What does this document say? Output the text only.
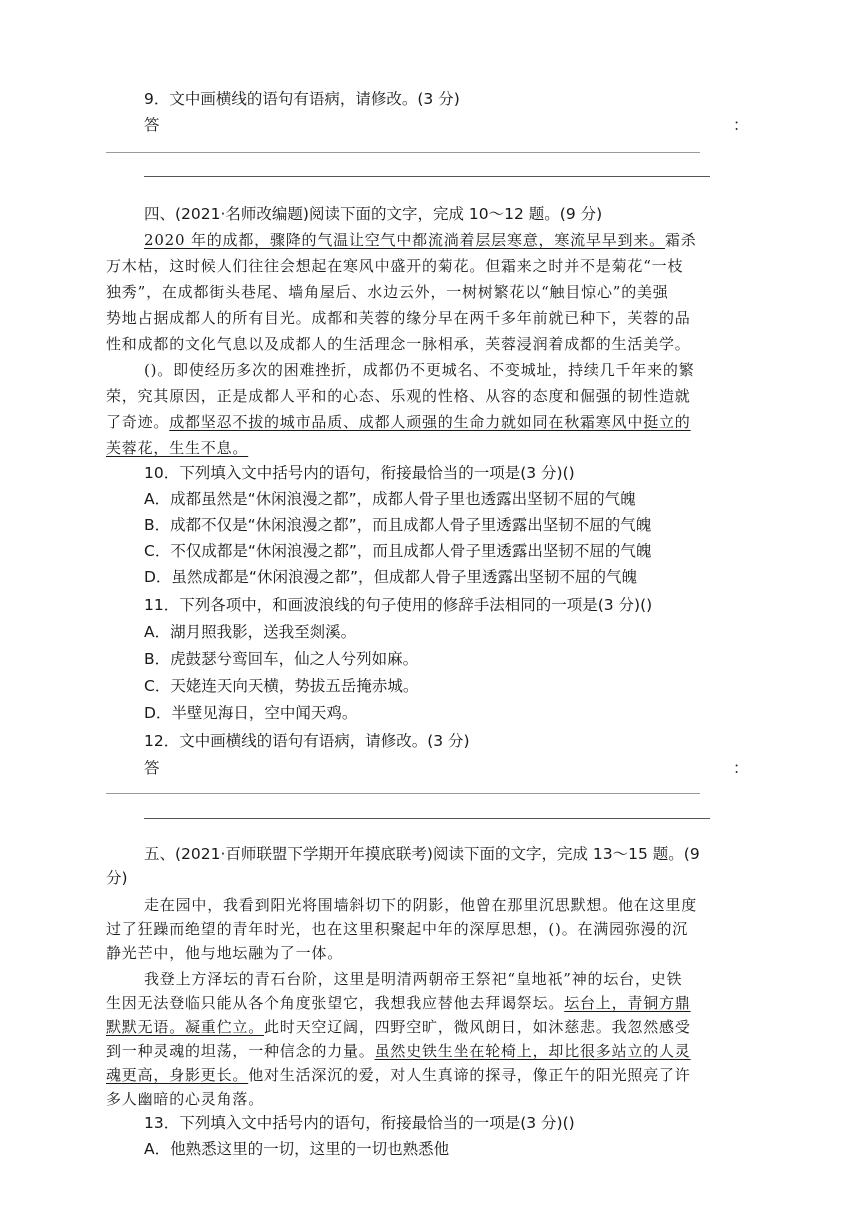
9．文中画横线的语句有语病，请修改。(3 分)
答	：
四、(2021·名师改编题)阅读下面的文字，完成 10～12 题。(9 分)
2020 年的成都，骤降的气温让空气中都流淌着层层寒意，寒流早早到来。霜杀
万木枯，这时候人们往往会想起在寒风中盛开的菊花。但霜来之时并不是菊花“一枝
独秀”，在成都街头巷尾、墙角屋后、水边云外，一树树繁花以“触目惊心”的美强
势地占据成都人的所有目光。成都和芙蓉的缘分早在两千多年前就已种下，芙蓉的品
性和成都的文化气息以及成都人的生活理念一脉相承，芙蓉浸润着成都的生活美学。
()。即使经历多次的困难挫折，成都仍不更城名、不变城址，持续几千年来的繁
荣，究其原因，正是成都人平和的心态、乐观的性格、从容的态度和倔强的韧性造就
了奇迹。成都坚忍不拔的城市品质、成都人顽强的生命力就如同在秋霜寒风中挺立的
芙蓉花，生生不息。
10．下列填入文中括号内的语句，衔接最恰当的一项是(3 分)()
A．成都虽然是“休闲浪漫之都”，成都人骨子里也透露出坚韧不屈的气魄
B．成都不仅是“休闲浪漫之都”，而且成都人骨子里透露出坚韧不屈的气魄
C．不仅成都是“休闲浪漫之都”，而且成都人骨子里透露出坚韧不屈的气魄
D．虽然成都是“休闲浪漫之都”，但成都人骨子里透露出坚韧不屈的气魄
11．下列各项中，和画波浪线的句子使用的修辞手法相同的一项是(3 分)()
A．湖月照我影，送我至剡溪。
B．虎鼓瑟兮鸾回车，仙之人兮列如麻。
C．天姥连天向天横，势拔五岳掩赤城。
D．半壁见海日，空中闻天鸡。
12．文中画横线的语句有语病，请修改。(3 分)
答	：
五、(2021·百师联盟下学期开年摸底联考)阅读下面的文字，完成 13～15 题。(9
分)
走在园中，我看到阳光将围墙斜切下的阴影，他曾在那里沉思默想。他在这里度
过了狂躁而绝望的青年时光，也在这里积聚起中年的深厚思想，()。在满园弥漫的沉
静光芒中，他与地坛融为了一体。
我登上方泽坛的青石台阶，这里是明清两朝帝王祭祀“皇地祇”神的坛台，史铁
生因无法登临只能从各个角度张望它，我想我应替他去拜谒祭坛。坛台上，青铜方鼎
默默无语。凝重伫立。此时天空辽阔，四野空旷，微风朗日，如沐慈悲。我忽然感受
到一种灵魂的坦荡，一种信念的力量。虽然史铁生坐在轮椅上，却比很多站立的人灵
魂更高，身影更长。他对生活深沉的爱，对人生真谛的探寻，像正午的阳光照亮了许
多人幽暗的心灵角落。
13．下列填入文中括号内的语句，衔接最恰当的一项是(3 分)()
A．他熟悉这里的一切，这里的一切也熟悉他
